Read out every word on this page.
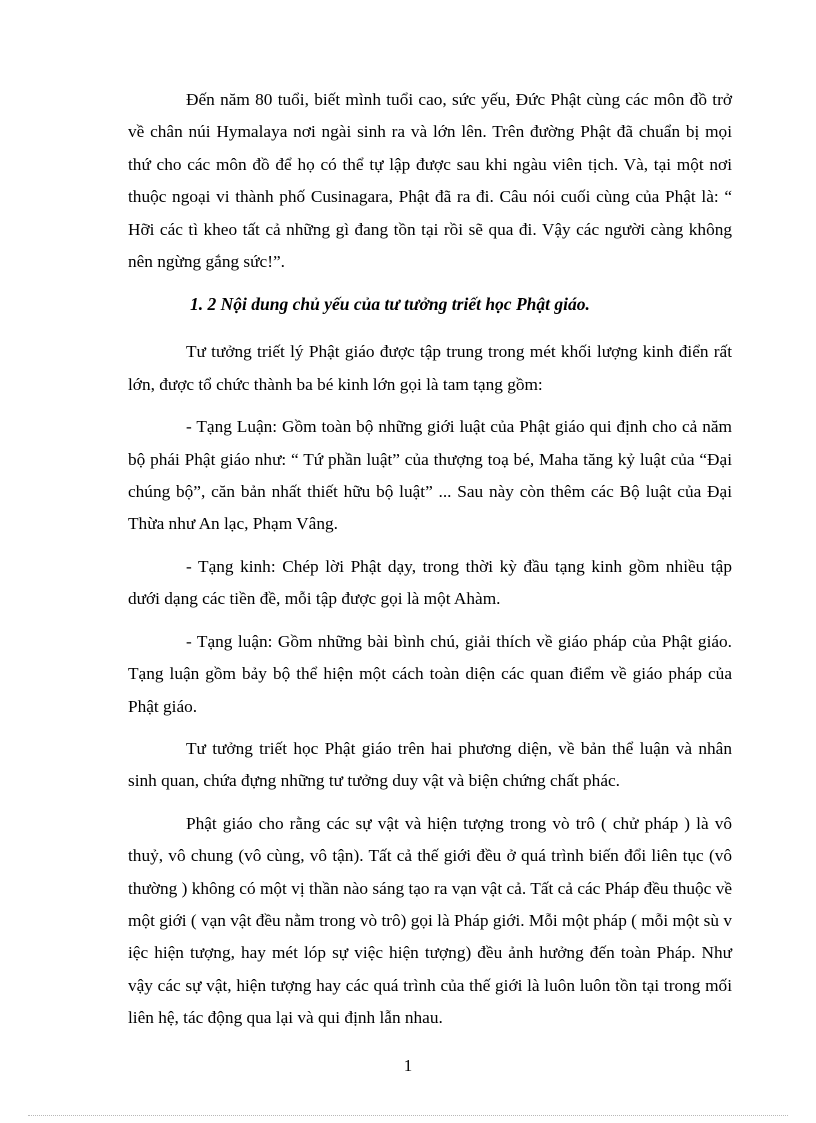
Đến năm 80 tuổi, biết mình tuổi cao, sức yếu, Đức Phật cùng các môn đồ trở về chân núi Hymalaya nơi ngài sinh ra và lớn lên. Trên đường Phật đã chuẩn bị mọi thứ cho các môn đồ để họ có thể tự lập được sau khi ngàu viên tịch. Và, tại một nơi thuộc ngoại vi thành phố Cusinagara, Phật đã ra đi. Câu nói cuối cùng của Phật là: “ Hỡi các tì kheo tất cả những gì đang tồn tại rồi sẽ qua đi. Vậy các người càng không nên ngừng gắng sức!”.

1. 2 Nội dung chủ yếu của tư tưởng triết học Phật giáo.

Tư tưởng triết lý Phật giáo được tập trung trong mét khối lượng kinh điển rất lớn, được tổ chức thành ba bé kinh lớn gọi là tam tạng gồm:

- Tạng Luận: Gồm toàn bộ những giới luật của Phật giáo qui định cho cả năm bộ phái Phật giáo như: “ Tứ phần luật” của thượng toạ bé, Maha tăng kỷ luật của “Đại chúng bộ”, căn bản nhất thiết hữu bộ luật” ... Sau này còn thêm các Bộ luật của Đại Thừa như An lạc, Phạm Vâng.

- Tạng kinh: Chép lời Phật dạy, trong thời kỳ đầu tạng kinh gồm nhiều tập dưới dạng các tiền đề, mỗi tập được gọi là một Ahàm.

- Tạng luận: Gồm những bài bình chú, giải thích về giáo pháp của Phật giáo. Tạng luận gồm bảy bộ thể hiện một cách toàn diện các quan điểm về giáo pháp của Phật giáo.

Tư tưởng triết học Phật giáo trên hai phương diện, về bản thể luận và nhân sinh quan, chứa đựng những tư tưởng duy vật và biện chứng chất phác.

Phật giáo cho rằng các sự vật và hiện tượng trong vò trô ( chử pháp ) là vô thuỷ, vô chung (vô cùng, vô tận). Tất cả thế giới đều ở quá trình biến đổi liên tục (vô thường ) không có một vị thần nào sáng tạo ra vạn vật cả. Tất cả các Pháp đều thuộc về một giới ( vạn vật đều nằm trong vò trô) gọi là Pháp giới. Mỗi một pháp ( mỗi một sù v iệc hiện tượng, hay mét lóp sự việc hiện tượng) đều ảnh hưởng đến toàn Pháp. Như vậy các sự vật, hiện tượng hay các quá trình của thế giới là luôn luôn tồn tại trong mối liên hệ, tác động qua lại và qui định lẫn nhau.

1
